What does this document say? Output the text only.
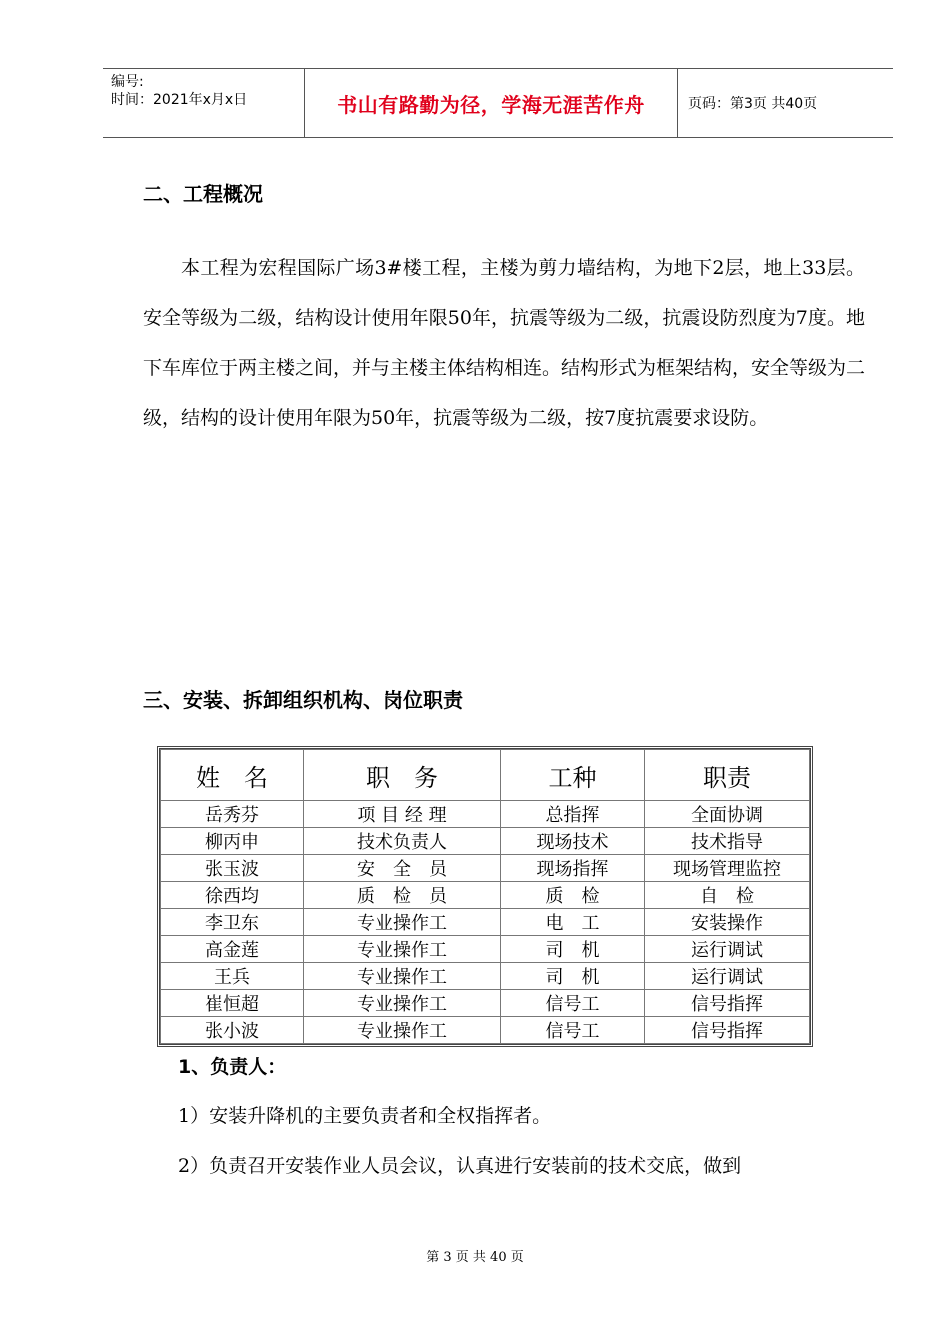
编号:
时间：2021年x月x日	书山有路勤为径，学海无涯苦作舟	页码：第3页 共40页
二、工程概况
本工程为宏程国际广场3#楼工程，主楼为剪力墙结构，为地下2层，地上33层。安全等级为二级，结构设计使用年限50年，抗震等级为二级，抗震设防烈度为7度。地下车库位于两主楼之间，并与主楼主体结构相连。结构形式为框架结构，安全等级为二级，结构的设计使用年限为50年，抗震等级为二级，按7度抗震要求设防。
三、安装、拆卸组织机构、岗位职责
姓　名	职　务	工种	职责
岳秀芬	项 目 经 理	总指挥	全面协调
柳丙申	技术负责人	现场技术	技术指导
张玉波	安　全　员	现场指挥	现场管理监控
徐西均	质　检　员	质　检	自　检
李卫东	专业操作工	电　工	安装操作
高金莲	专业操作工	司　机	运行调试
王兵	专业操作工	司　机	运行调试
崔恒超	专业操作工	信号工	信号指挥
张小波	专业操作工	信号工	信号指挥
1、负责人：
1）安装升降机的主要负责者和全权指挥者。
2）负责召开安装作业人员会议，认真进行安装前的技术交底，做到
第 3 页 共 40 页
